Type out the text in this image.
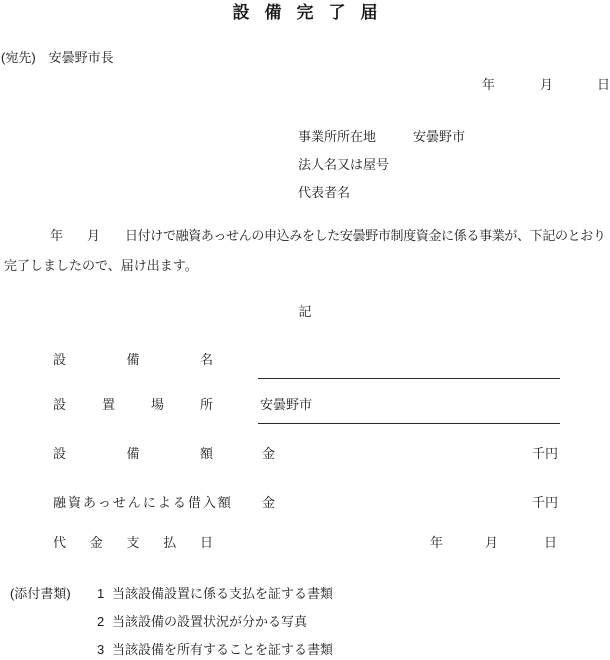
設備完了届
(宛先)　安曇野市長
年	月	日
事業所所在地	安曇野市
法人名又は屋号
代表者名
年 月 日付けで融資あっせんの申込みをした安曇野市制度資金に係る事業が、下記のとおり
完了しましたので、届け出ます。
記
設備名
設置場所	安曇野市
設備額	金	千円
融資あっせんによる借入額 金	千円
代金支払日	年	月	日
(添付書類) 1 当該設備設置に係る支払を証する書類
2 当該設備の設置状況が分かる写真
3 当該設備を所有することを証する書類
